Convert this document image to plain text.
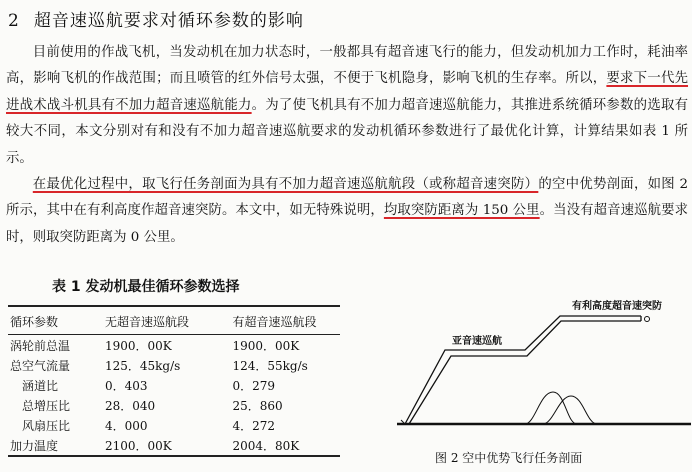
2 超音速巡航要求对循环参数的影响

目前使用的作战飞机，当发动机在加力状态时，一般都具有超音速飞行的能力，但发动机加力工作时，耗油率高，影响飞机的作战范围；而且喷管的红外信号太强，不便于飞机隐身，影响飞机的生存率。所以，要求下一代先进战术战斗机具有不加力超音速巡航能力。为了使飞机具有不加力超音速巡航能力，其推进系统循环参数的选取有较大不同，本文分别对有和没有不加力超音速巡航要求的发动机循环参数进行了最优化计算，计算结果如表 1 所示。

在最优化过程中，取飞行任务剖面为具有不加力超音速巡航航段（或称超音速突防）的空中优势剖面，如图 2 所示，其中在有利高度作超音速突防。本文中，如无特殊说明，均取突防距离为 150 公里。当没有超音速巡航要求时，则取突防距离为 0 公里。

表 1 发动机最佳循环参数选择
循环参数	无超音速巡航段	有超音速巡航段
涡轮前总温	1900．00K	1900．00K
总空气流量	125．45kg/s	124．55kg/s
涵道比	0．403	0．279
总增压比	28．040	25．860
风扇压比	4．000	4．272
加力温度	2100．00K	2004．80K
亚音速巡航
有利高度超音速突防
图 2 空中优势飞行任务剖面
